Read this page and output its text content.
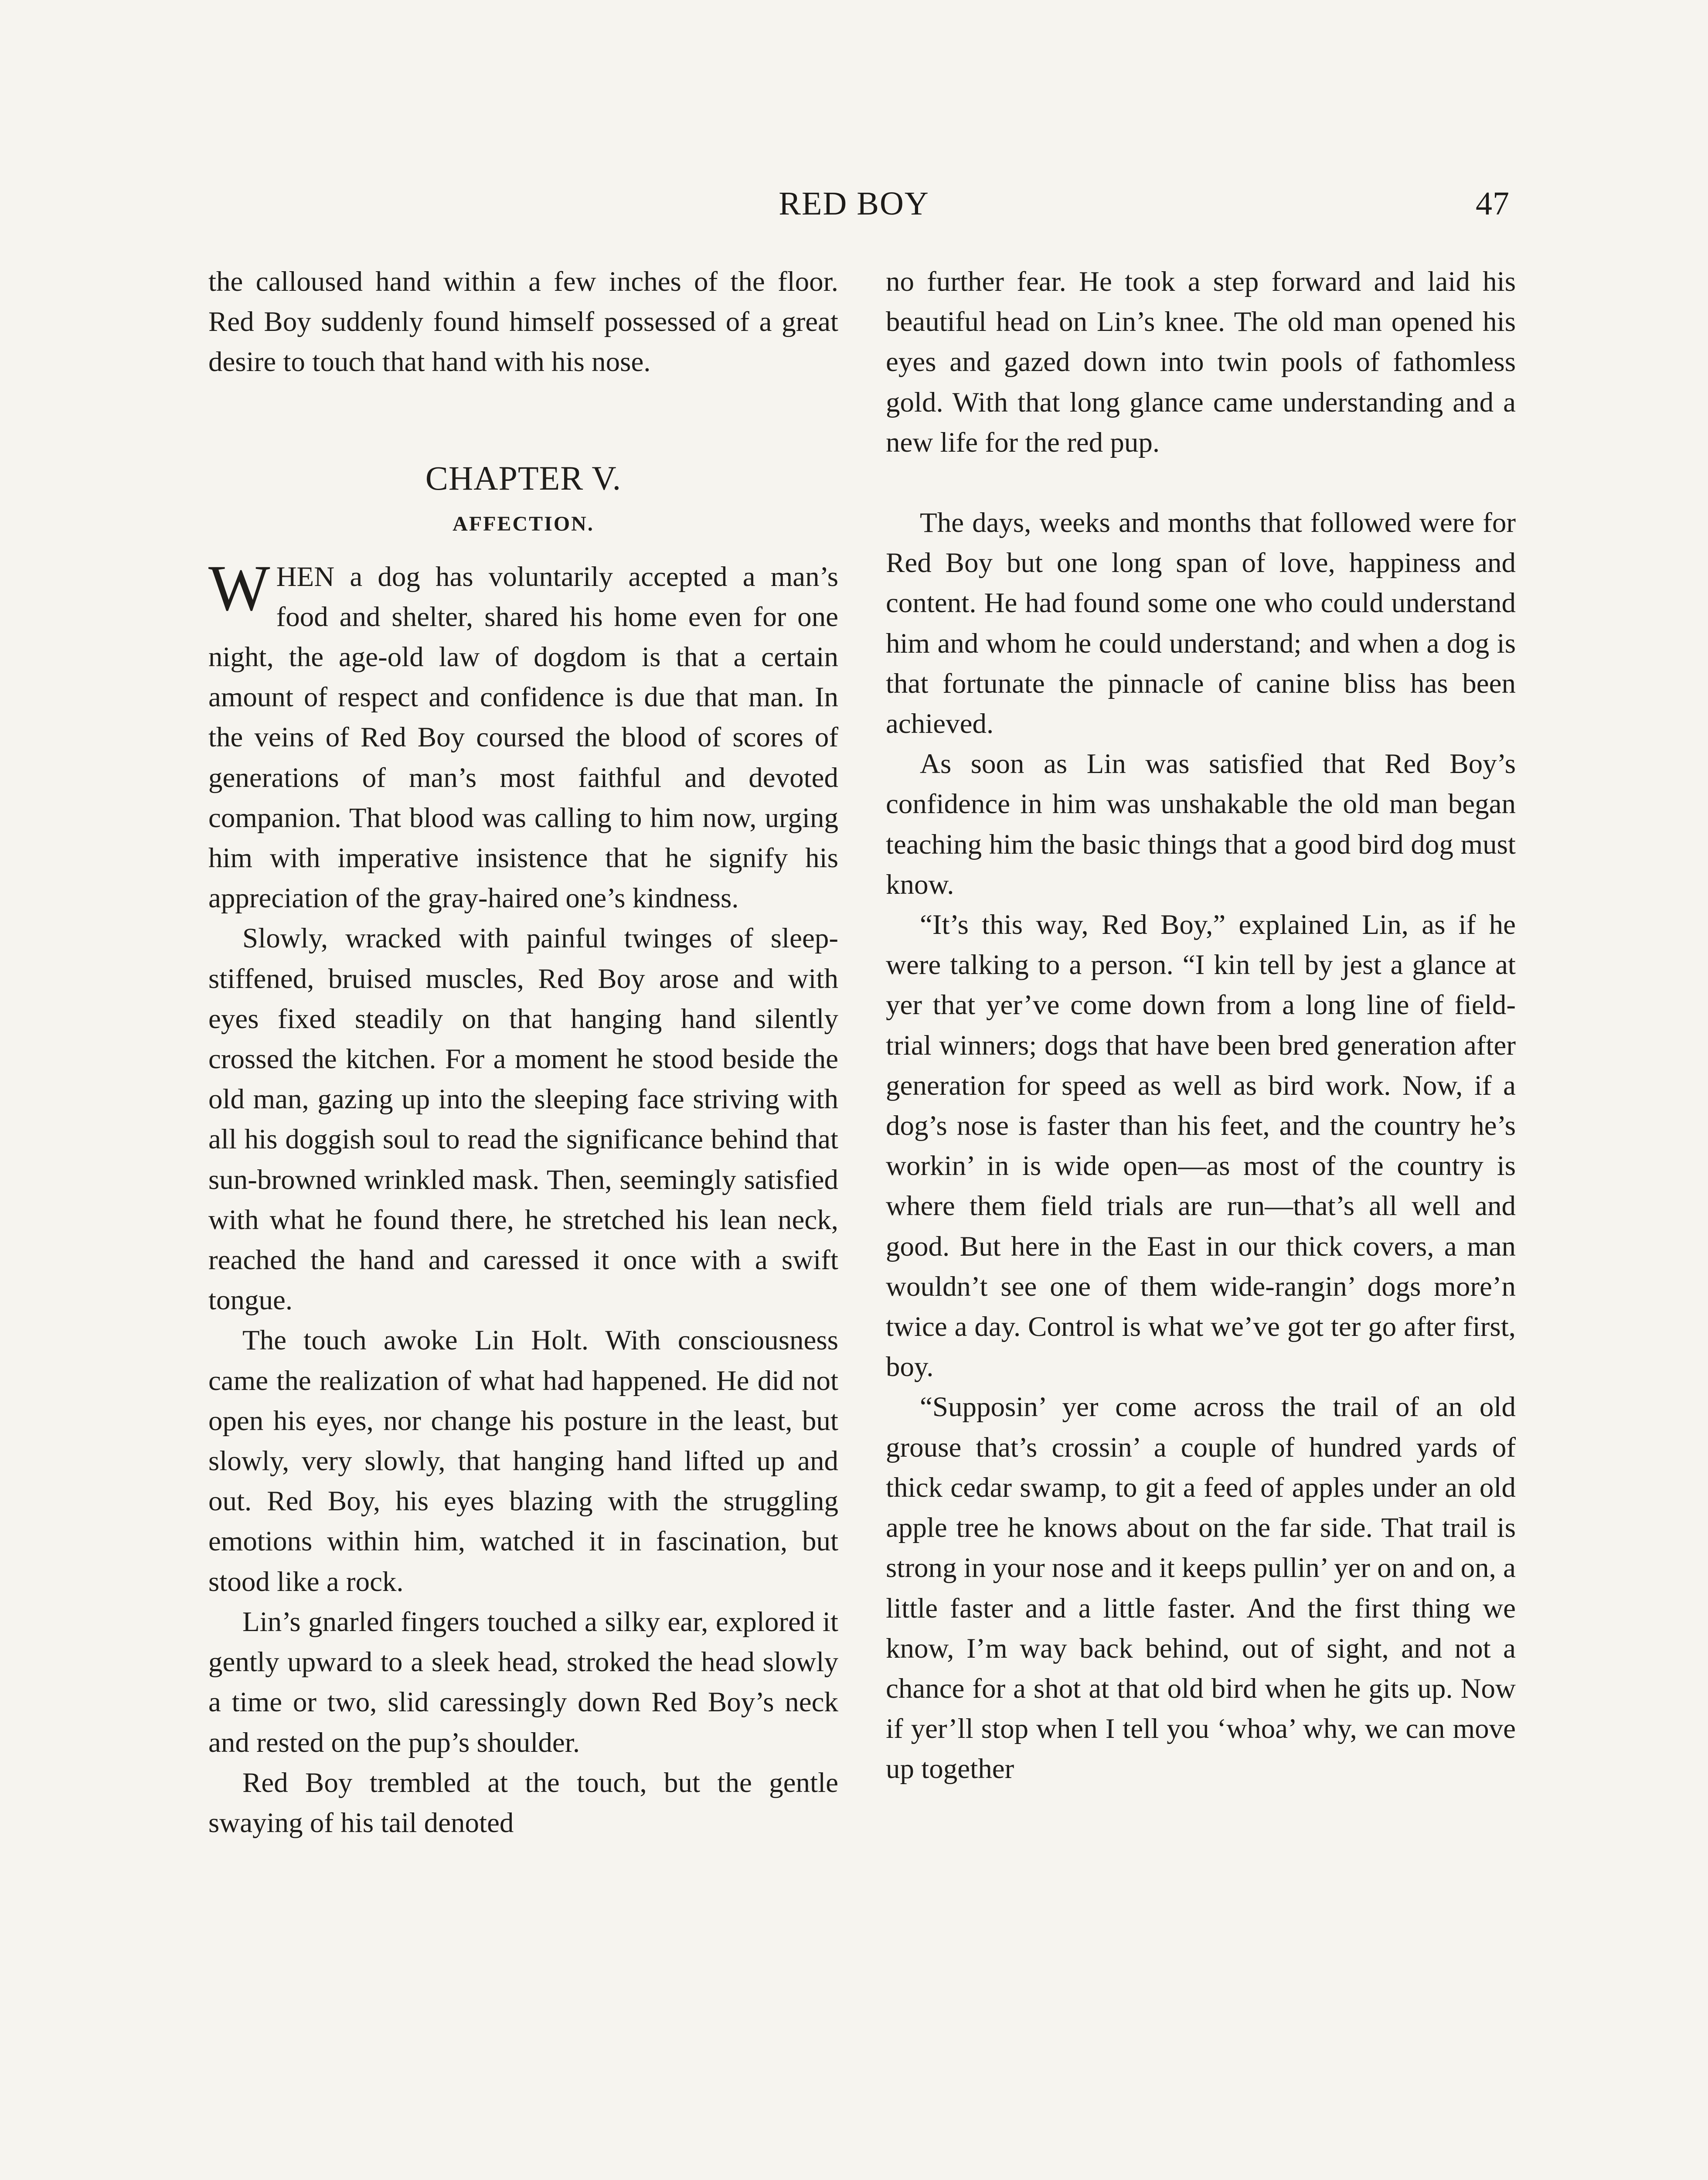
RED BOY	47

the calloused hand within a few inches of the floor. Red Boy suddenly found himself possessed of a great desire to touch that hand with his nose.

CHAPTER V.
AFFECTION.

WHEN a dog has voluntarily accepted a man’s food and shelter, shared his home even for one night, the age-old law of dogdom is that a certain amount of respect and confidence is due that man. In the veins of Red Boy coursed the blood of scores of generations of man’s most faithful and devoted companion. That blood was calling to him now, urging him with imperative insistence that he signify his appreciation of the gray-haired one’s kindness.

Slowly, wracked with painful twinges of sleep-stiffened, bruised muscles, Red Boy arose and with eyes fixed steadily on that hanging hand silently crossed the kitchen. For a moment he stood beside the old man, gazing up into the sleeping face striving with all his doggish soul to read the significance behind that sun-browned wrinkled mask. Then, seemingly satisfied with what he found there, he stretched his lean neck, reached the hand and caressed it once with a swift tongue.

The touch awoke Lin Holt. With consciousness came the realization of what had happened. He did not open his eyes, nor change his posture in the least, but slowly, very slowly, that hanging hand lifted up and out. Red Boy, his eyes blazing with the struggling emotions within him, watched it in fascination, but stood like a rock.

Lin’s gnarled fingers touched a silky ear, explored it gently upward to a sleek head, stroked the head slowly a time or two, slid caressingly down Red Boy’s neck and rested on the pup’s shoulder.

Red Boy trembled at the touch, but the gentle swaying of his tail denoted

no further fear. He took a step forward and laid his beautiful head on Lin’s knee. The old man opened his eyes and gazed down into twin pools of fathomless gold. With that long glance came understanding and a new life for the red pup.

The days, weeks and months that followed were for Red Boy but one long span of love, happiness and content. He had found some one who could understand him and whom he could understand; and when a dog is that fortunate the pinnacle of canine bliss has been achieved.

As soon as Lin was satisfied that Red Boy’s confidence in him was unshakable the old man began teaching him the basic things that a good bird dog must know.

“It’s this way, Red Boy,” explained Lin, as if he were talking to a person. “I kin tell by jest a glance at yer that yer’ve come down from a long line of field-trial winners; dogs that have been bred generation after generation for speed as well as bird work. Now, if a dog’s nose is faster than his feet, and the country he’s workin’ in is wide open—as most of the country is where them field trials are run—that’s all well and good. But here in the East in our thick covers, a man wouldn’t see one of them wide-rangin’ dogs more’n twice a day. Control is what we’ve got ter go after first, boy.

“Supposin’ yer come across the trail of an old grouse that’s crossin’ a couple of hundred yards of thick cedar swamp, to git a feed of apples under an old apple tree he knows about on the far side. That trail is strong in your nose and it keeps pullin’ yer on and on, a little faster and a little faster. And the first thing we know, I’m way back behind, out of sight, and not a chance for a shot at that old bird when he gits up. Now if yer’ll stop when I tell you ‘whoa’ why, we can move up together
